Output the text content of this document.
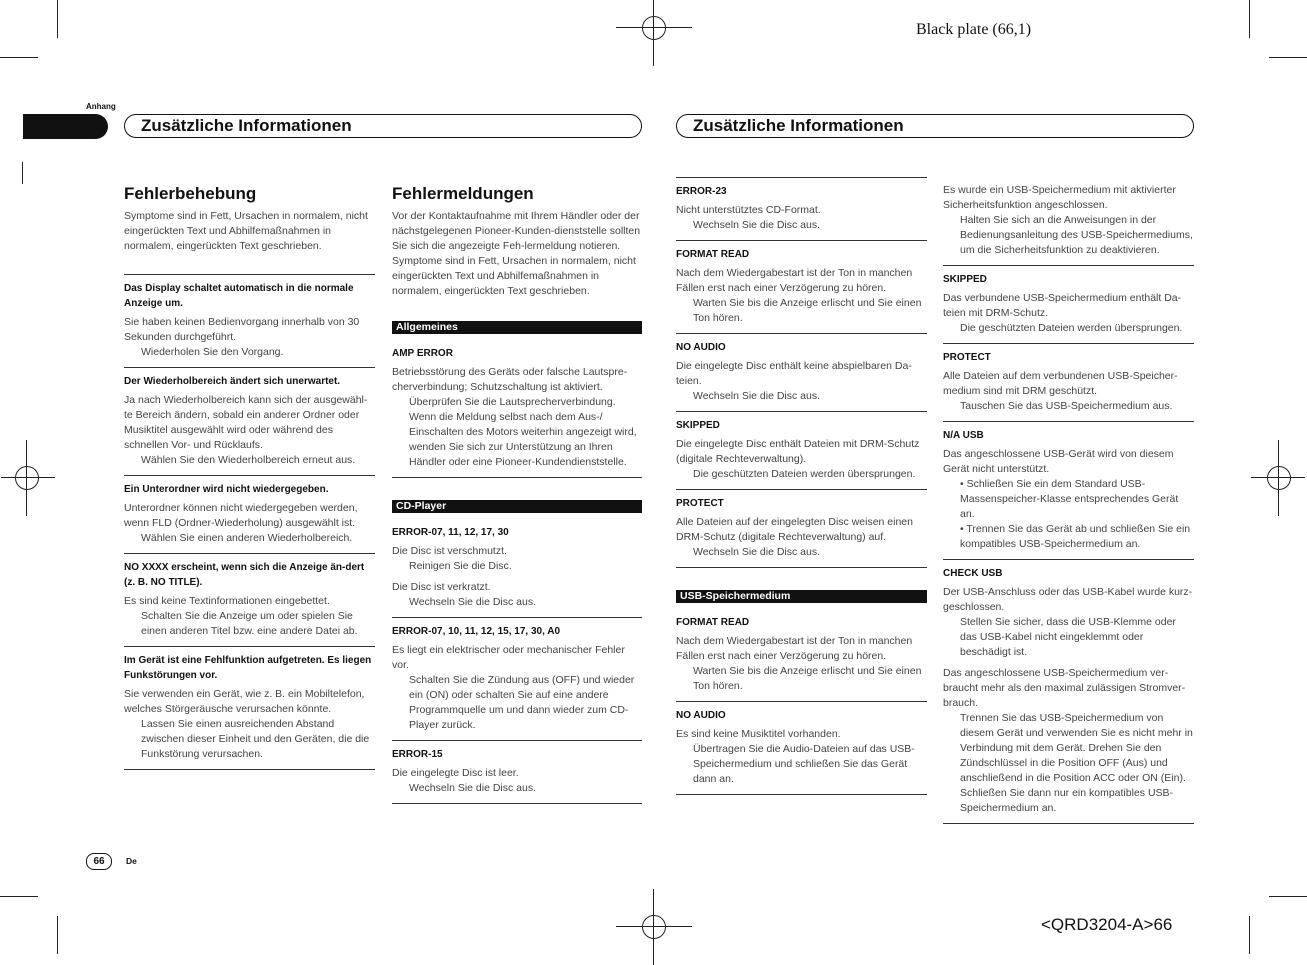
Black plate (66,1)
<QRD3204-A>66
Anhang
Zusätzliche Informationen	Zusätzliche Informationen
Fehlerbehebung

Symptome sind in Fett, Ursachen in normalem, nicht eingerückten Text und Abhilfemaßnahmen in normalem, eingerückten Text geschrieben.

Das Display schaltet automatisch in die normale Anzeige um.

Sie haben keinen Bedienvorgang innerhalb von 30 Sekunden durchgeführt.

Wiederholen Sie den Vorgang.

Der Wiederholbereich ändert sich unerwartet.

Ja nach Wiederholbereich kann sich der ausgewähl-te Bereich ändern, sobald ein anderer Ordner oder Musiktitel ausgewählt wird oder während des schnellen Vor- und Rücklaufs.

Wählen Sie den Wiederholbereich erneut aus.

Ein Unterordner wird nicht wiedergegeben.

Unterordner können nicht wiedergegeben werden, wenn FLD (Ordner-Wiederholung) ausgewählt ist.

Wählen Sie einen anderen Wiederholbereich.

NO XXXX erscheint, wenn sich die Anzeige än-dert (z. B. NO TITLE).

Es sind keine Textinformationen eingebettet.

Schalten Sie die Anzeige um oder spielen Sie einen anderen Titel bzw. eine andere Datei ab.

Im Gerät ist eine Fehlfunktion aufgetreten. Es liegen Funkstörungen vor.

Sie verwenden ein Gerät, wie z. B. ein Mobiltelefon, welches Störgeräusche verursachen könnte.

Lassen Sie einen ausreichenden Abstand zwischen dieser Einheit und den Geräten, die die Funkstörung verursachen.

Fehlermeldungen

Vor der Kontaktaufnahme mit Ihrem Händler oder der nächstgelegenen Pioneer-Kunden-dienststelle sollten Sie sich die angezeigte Feh-lermeldung notieren.

Symptome sind in Fett, Ursachen in normalem, nicht eingerückten Text und Abhilfemaßnahmen in normalem, eingerückten Text geschrieben.

Allgemeines
AMP ERROR

Betriebsstörung des Geräts oder falsche Lautspre-cherverbindung; Schutzschaltung ist aktiviert.

Überprüfen Sie die Lautsprecherverbindung.

Wenn die Meldung selbst nach dem Aus-/ Einschalten des Motors weiterhin angezeigt wird, wenden Sie sich zur Unterstützung an Ihren Händler oder eine Pioneer-Kundendienststelle.

CD-Player
ERROR-07, 11, 12, 17, 30

Die Disc ist verschmutzt.

Reinigen Sie die Disc.

Die Disc ist verkratzt.

Wechseln Sie die Disc aus.

ERROR-07, 10, 11, 12, 15, 17, 30, A0

Es liegt ein elektrischer oder mechanischer Fehler vor.

Schalten Sie die Zündung aus (OFF) und wieder ein (ON) oder schalten Sie auf eine andere Programmquelle um und dann wieder zum CD-Player zurück.

ERROR-15

Die eingelegte Disc ist leer.

Wechseln Sie die Disc aus.

ERROR-23

Nicht unterstütztes CD-Format.

Wechseln Sie die Disc aus.

FORMAT READ

Nach dem Wiedergabestart ist der Ton in manchen Fällen erst nach einer Verzögerung zu hören.

Warten Sie bis die Anzeige erlischt und Sie einen Ton hören.

NO AUDIO

Die eingelegte Disc enthält keine abspielbaren Da-teien.

Wechseln Sie die Disc aus.

SKIPPED

Die eingelegte Disc enthält Dateien mit DRM-Schutz (digitale Rechteverwaltung).

Die geschützten Dateien werden übersprungen.

PROTECT

Alle Dateien auf der eingelegten Disc weisen einen DRM-Schutz (digitale Rechteverwaltung) auf.

Wechseln Sie die Disc aus.

USB-Speichermedium
FORMAT READ

Nach dem Wiedergabestart ist der Ton in manchen Fällen erst nach einer Verzögerung zu hören.

Warten Sie bis die Anzeige erlischt und Sie einen Ton hören.

NO AUDIO

Es sind keine Musiktitel vorhanden.

Übertragen Sie die Audio-Dateien auf das USB-Speichermedium und schließen Sie das Gerät dann an.

Es wurde ein USB-Speichermedium mit aktivierter Sicherheitsfunktion angeschlossen.

Halten Sie sich an die Anweisungen in der Bedienungsanleitung des USB-Speichermediums, um die Sicherheitsfunktion zu deaktivieren.

SKIPPED

Das verbundene USB-Speichermedium enthält Da-teien mit DRM-Schutz.

Die geschützten Dateien werden übersprungen.

PROTECT

Alle Dateien auf dem verbundenen USB-Speicher-medium sind mit DRM geschützt.

Tauschen Sie das USB-Speichermedium aus.

N/A USB

Das angeschlossene USB-Gerät wird von diesem Gerät nicht unterstützt.

• Schließen Sie ein dem Standard USB-Massenspeicher-Klasse entsprechendes Gerät an.

• Trennen Sie das Gerät ab und schließen Sie ein kompatibles USB-Speichermedium an.

CHECK USB

Der USB-Anschluss oder das USB-Kabel wurde kurz-geschlossen.

Stellen Sie sicher, dass die USB-Klemme oder das USB-Kabel nicht eingeklemmt oder beschädigt ist.

Das angeschlossene USB-Speichermedium ver-braucht mehr als den maximal zulässigen Stromver-brauch.

Trennen Sie das USB-Speichermedium von diesem Gerät und verwenden Sie es nicht mehr in Verbindung mit dem Gerät. Drehen Sie den Zündschlüssel in die Position OFF (Aus) und anschließend in die Position ACC oder ON (Ein). Schließen Sie dann nur ein kompatibles USB-Speichermedium an.

66	De
